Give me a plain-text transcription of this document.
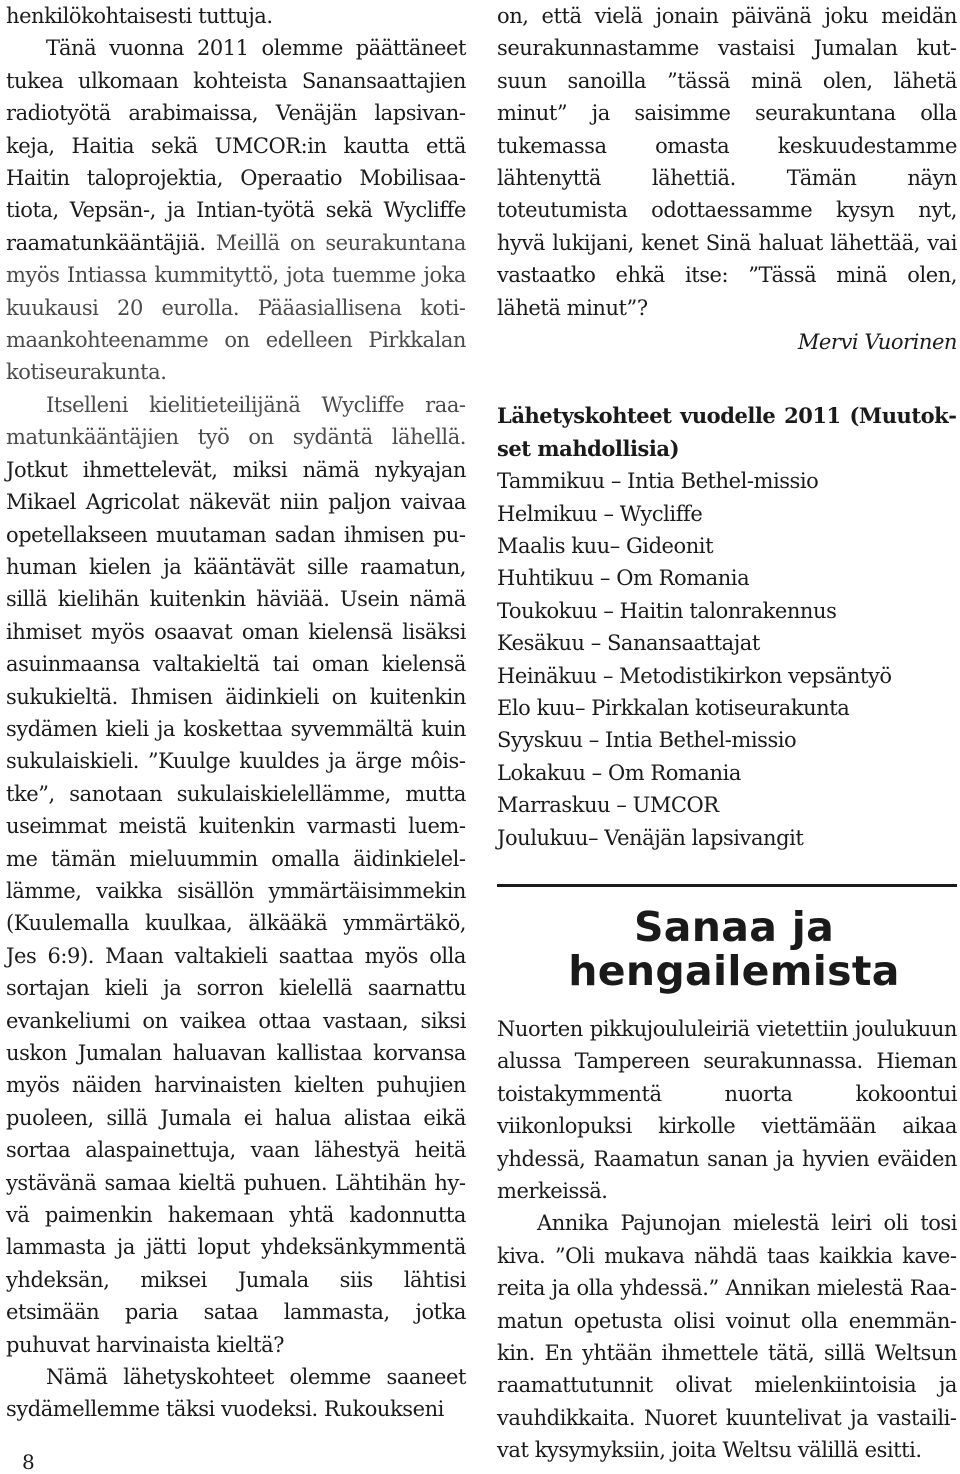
henkilökohtaisesti tuttuja.

Tänä vuonna 2011 olemme päättäneet tukea ulkomaan kohteista Sanansaattajien radiotyötä arabimaissa, Venäjän lapsivankeja, Haitia sekä UMCOR:in kautta että Haitin taloprojektia, Operaatio Mobilisaatiota, Vepsän-, ja Intian-työtä sekä Wycliffe raamatunkääntäjiä. Meillä on seurakuntana myös Intiassa kummityttö, jota tuemme joka kuukausi 20 eurolla. Pääasiallisena kotimaankohteenamme on edelleen Pirkkalan kotiseurakunta.

Itselleni kielitieteilijänä Wycliffe raamatunkääntäjien työ on sydäntä lähellä. Jotkut ihmettelevät, miksi nämä nykyajan Mikael Agricolat näkevät niin paljon vaivaa opetellakseen muutaman sadan ihmisen puhuman kielen ja kääntävät sille raamatun, sillä kielihän kuitenkin häviää. Usein nämä ihmiset myös osaavat oman kielensä lisäksi asuinmaansa valtakieltä tai oman kielensä sukukieltä. Ihmisen äidinkieli on kuitenkin sydämen kieli ja koskettaa syvemmältä kuin sukulaiskieli. ”Kuulge kuuldes ja ärge môistke”, sanotaan sukulaiskielellämme, mutta useimmat meistä kuitenkin varmasti luemme tämän mieluummin omalla äidinkielellämme, vaikka sisällön ymmärtäisimmekin (Kuulemalla kuulkaa, älkääkä ymmärtäkö, Jes 6:9). Maan valtakieli saattaa myös olla sortajan kieli ja sorron kielellä saarnattu evankeliumi on vaikea ottaa vastaan, siksi uskon Jumalan haluavan kallistaa korvansa myös näiden harvinaisten kielten puhujien puoleen, sillä Jumala ei halua alistaa eikä sortaa alaspainettuja, vaan lähestyä heitä ystävänä samaa kieltä puhuen. Lähtihän hyvä paimenkin hakemaan yhtä kadonnutta lammasta ja jätti loput yhdeksänkymmentä yhdeksän, miksei Jumala siis lähtisi etsimään paria sataa lammasta, jotka puhuvat harvinaista kieltä?

Nämä lähetyskohteet olemme saaneet sydämellemme täksi vuodeksi. Rukoukseni

on, että vielä jonain päivänä joku meidän seurakunnastamme vastaisi Jumalan kutsuun sanoilla ”tässä minä olen, lähetä minut” ja saisimme seurakuntana olla tukemassa omasta keskuudestamme lähtenyttä lähettiä. Tämän näyn toteutumista odottaessamme kysyn nyt, hyvä lukijani, kenet Sinä haluat lähettää, vai vastaatko ehkä itse: ”Tässä minä olen, lähetä minut”?

Mervi Vuorinen

Lähetyskohteet vuodelle 2011 (Muutokset mahdollisia)

Tammikuu – Intia Bethel-missio
Helmikuu – Wycliffe
Maalis kuu– Gideonit
Huhtikuu – Om Romania
Toukokuu – Haitin talonrakennus
Kesäkuu – Sanansaattajat
Heinäkuu – Metodistikirkon vepsäntyö
Elo kuu– Pirkkalan kotiseurakunta
Syyskuu – Intia Bethel-missio
Lokakuu – Om Romania
Marraskuu – UMCOR
Joulukuu– Venäjän lapsivangit
Sanaa ja hengailemista

Nuorten pikkujoululeiriä vietettiin joulukuun alussa Tampereen seurakunnassa. Hieman toistakymmentä nuorta kokoontui viikonlopuksi kirkolle viettämään aikaa yhdessä, Raamatun sanan ja hyvien eväiden merkeissä.

Annika Pajunojan mielestä leiri oli tosi kiva. ”Oli mukava nähdä taas kaikkia kavereita ja olla yhdessä.” Annikan mielestä Raamatun opetusta olisi voinut olla enemmänkin. En yhtään ihmettele tätä, sillä Weltsun raamattutunnit olivat mielenkiintoisia ja vauhdikkaita. Nuoret kuuntelivat ja vastailivat kysymyksiin, joita Weltsu välillä esitti.

8
